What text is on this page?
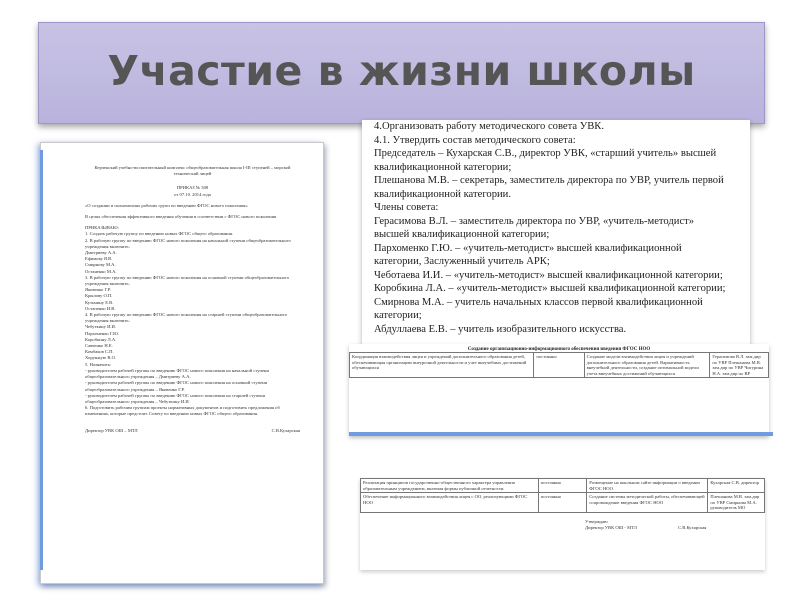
Участие в жизни школы

Керченский учебно-воспитательный комплекс общеобразовательная школа I-III ступеней – морской технический лицей

ПРИКАЗ № 308

от 07.10. 2014 года

«О создании и полномочиях рабочих групп по введению ФГОС нового поколения»

В целях обеспечения эффективного введения обучения в соответствии с ФГОС нового поколения

ПРИКАЗЫВАЮ:

1. Создать рабочую группу по введению новых ФГОС общего образования.

2. В рабочую группу по введению ФГОС нового поколения на начальной ступени общеобразовательного учреждения включить:

Дмитриеву А.А.

Ефимову Я.В.

Смирнову М.А.

Останенко М.А.

3. В рабочую группу по введению ФГОС нового поколения на основной ступени общеобразовательного учреждения включить:

Яковенко Г.Р.

Крылову О.П.

Кузьмину Е.В.

Остапенко И.В.

4. В рабочую группу по введению ФГОС нового поколения на старшей ступени общеобразовательного учреждения включить:

Чебуткину И.И.

Пархоменко Г.Ю.

Коробкину Л.А.

Савченко Н.Е.

Комбаков С.П.

Хорунжую В.О.

5. Назначить:

- руководителем рабочей группы по введению ФГОС нового поколения на начальной ступени общеобразовательного учреждения – Дмитриеву А.А.

- руководителем рабочей группы по введению ФГОС нового поколения на основной ступени общеобразовательного учреждения – Яковенко Г.Р.

- руководителем рабочей группы по введению ФГОС нового поколения на старшей ступени общеобразовательного учреждения – Чебуткину И.И.

6. Подготовить рабочим группам проекты нормативных документов и подготовить предложения об изменениях, которые предстоит. Совету по введению новых ФГОС общего образования.

Директор УВК ОШ – МТЛ	С.В.Кухарская

4.Организовать работу методического совета УВК.
4.1. Утвердить состав методического совета:
Председатель – Кухарская С.В., директор УВК, «старший учитель» высшей
квалификационной категории;
Плешанова М.В. – секретарь, заместитель директора по УВР, учитель первой
квалификационной категории.
Члены совета:
Герасимова В.Л. – заместитель директора по УВР, «учитель-методист»
высшей квалификационной категории;
Пархоменко Г.Ю. – «учитель-методист» высшей квалификационной
категории, Заслуженный учитель АРК;
Чеботаева И.И. – «учитель-методист» высшей квалификационной категории;
Коробкина Л.А. – «учитель-методист» высшей квалификационной категории;
Смирнова М.А. – учитель начальных классов первой квалификационной
категории;
Абдуллаева Е.В. – учитель изобразительного искусства.
Создание организационно-информационного обеспечения введения ФГОС НОО
Координация взаимодействия лицея и учреждений дополнительного образования детей, обеспечивающая организацию внеурочной деятельности и учет внеучебных достижений обучающихся	постоянно	Создание модели взаимодействия лицея и учреждений дополнительного образования детей. Вариативность внеучебной деятельности, создание оптимальной модели учета внеучебных достижений обучающихся	Герасимова В.Л. зам.дир по УВР Плешанова М.В. зам.дир по УВР Чигурина Н.А. зам.дир по ВР
Реализация принципов государственно-общественного характера управления образовательным учреждением, включая формы публичной отчетности.	постоянно	Размещение на школьном сайте информации о введении ФГОС НОО.	Кухарская С.В. директор
Обеспечение информационного взаимодействия лицея с ОО, реализующими ФГОС НОО	постоянно	Создание системы методической работы, обеспечивающей сопровождение введения ФГОС НОО	Плешанова М.В. зам.дир по УВР Смирнова М.А. руководитель МО
Утверждаю
Директор УВК ОШ - МТЛ	С.В.Кухарская
